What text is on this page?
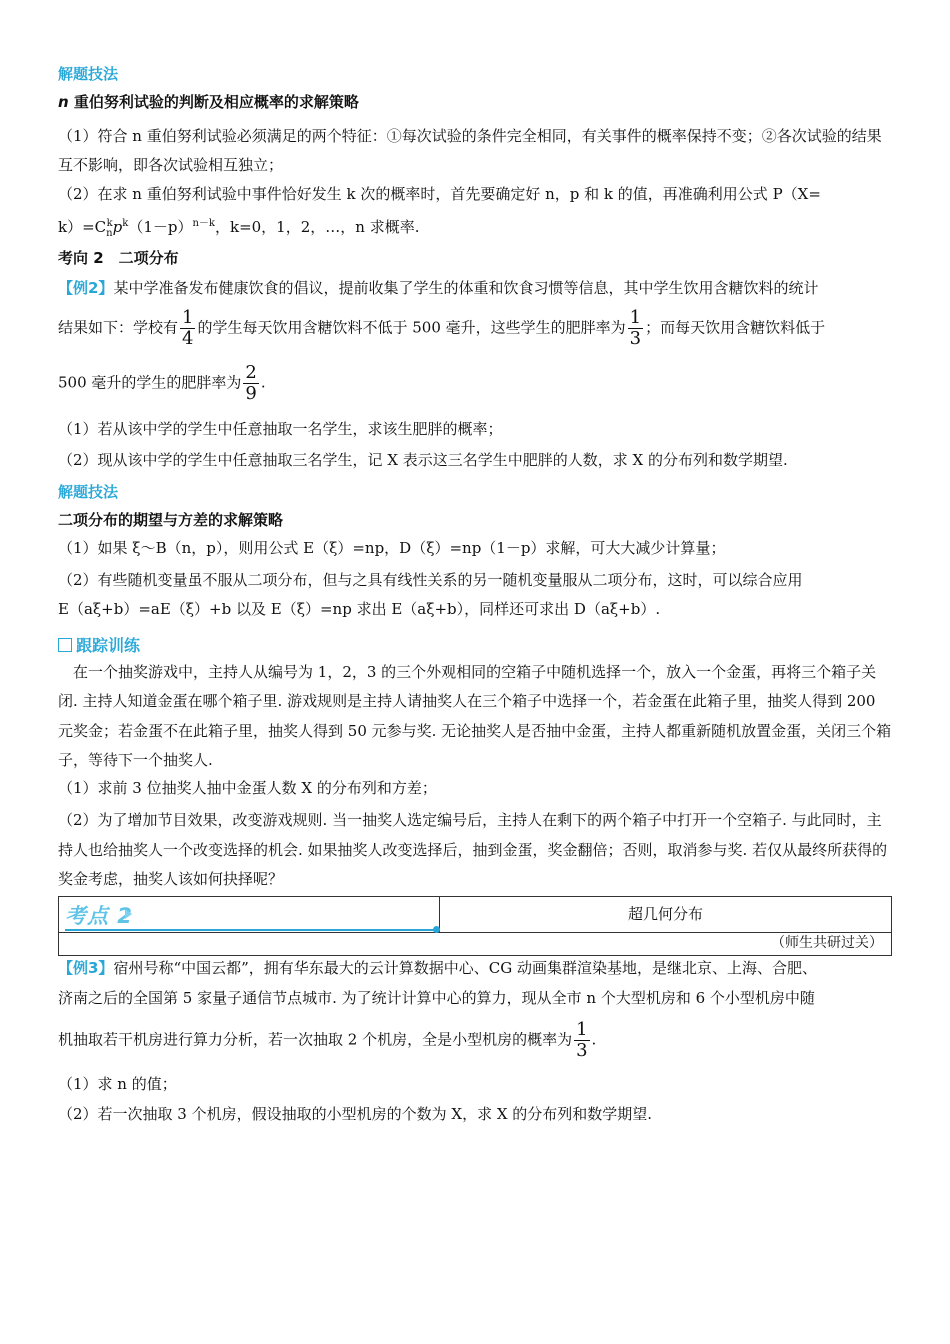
解题技法
n 重伯努利试验的判断及相应概率的求解策略
（1）符合 n 重伯努利试验必须满足的两个特征：①每次试验的条件完全相同，有关事件的概率保持不变；②各次试验的结果互不影响，即各次试验相互独立；
（2）在求 n 重伯努利试验中事件恰好发生 k 次的概率时，首先要确定好 n，p 和 k 的值，再准确利用公式 P（X=
$k)=C_n^kp^k(1-p)^{n-k}$，k=0，1，2，…，n 求概率.
考向 2　二项分布
【例2】某中学准备发布健康饮食的倡议，提前收集了学生的体重和饮食习惯等信息，其中学生饮用含糖饮料的统计
结果如下：学校有 $\frac{1}{4}$ 的学生每天饮用含糖饮料不低于 500 毫升，这些学生的肥胖率为 $\frac{1}{3}$ ；而每天饮用含糖饮料低于
500 毫升的学生的肥胖率为 $\frac{2}{9}$ .
（1）若从该中学的学生中任意抽取一名学生，求该生肥胖的概率；
（2）现从该中学的学生中任意抽取三名学生，记 X 表示这三名学生中肥胖的人数，求 X 的分布列和数学期望.
解题技法
二项分布的期望与方差的求解策略
（1）如果 ξ～B（n，p），则用公式 E（ξ）=np，D（ξ）=np（1－p）求解，可大大减少计算量；
（2）有些随机变量虽不服从二项分布，但与之具有线性关系的另一随机变量服从二项分布，这时，可以综合应用
E（aξ+b）=aE（ξ）+b 以及 E（ξ）=np 求出 E（aξ+b），同样还可求出 D（aξ+b）.
跟踪训练
在一个抽奖游戏中，主持人从编号为 1，2，3 的三个外观相同的空箱子中随机选择一个，放入一个金蛋，再将三个箱子关闭. 主持人知道金蛋在哪个箱子里. 游戏规则是主持人请抽奖人在三个箱子中选择一个，若金蛋在此箱子里，抽奖人得到 200 元奖金；若金蛋不在此箱子里，抽奖人得到 50 元参与奖. 无论抽奖人是否抽中金蛋，主持人都重新随机放置金蛋，关闭三个箱子，等待下一个抽奖人.
（1）求前 3 位抽奖人抽中金蛋人数 X 的分布列和方差；
（2）为了增加节目效果，改变游戏规则. 当一抽奖人选定编号后，主持人在剩下的两个箱子中打开一个空箱子. 与此同时，主持人也给抽奖人一个改变选择的机会. 如果抽奖人改变选择后，抽到金蛋，奖金翻倍；否则，取消参与奖. 若仅从最终所获得的奖金考虑，抽奖人该如何抉择呢？
考点 2	超几何分布
（师生共研过关）
【例3】宿州号称“中国云都”，拥有华东最大的云计算数据中心、CG 动画集群渲染基地，是继北京、上海、合肥、
济南之后的全国第 5 家量子通信节点城市. 为了统计计算中心的算力，现从全市 n 个大型机房和 6 个小型机房中随
机抽取若干机房进行算力分析，若一次抽取 2 个机房，全是小型机房的概率为 $\frac{1}{3}$ .
（1）求 n 的值；
（2）若一次抽取 3 个机房，假设抽取的小型机房的个数为 X，求 X 的分布列和数学期望.
